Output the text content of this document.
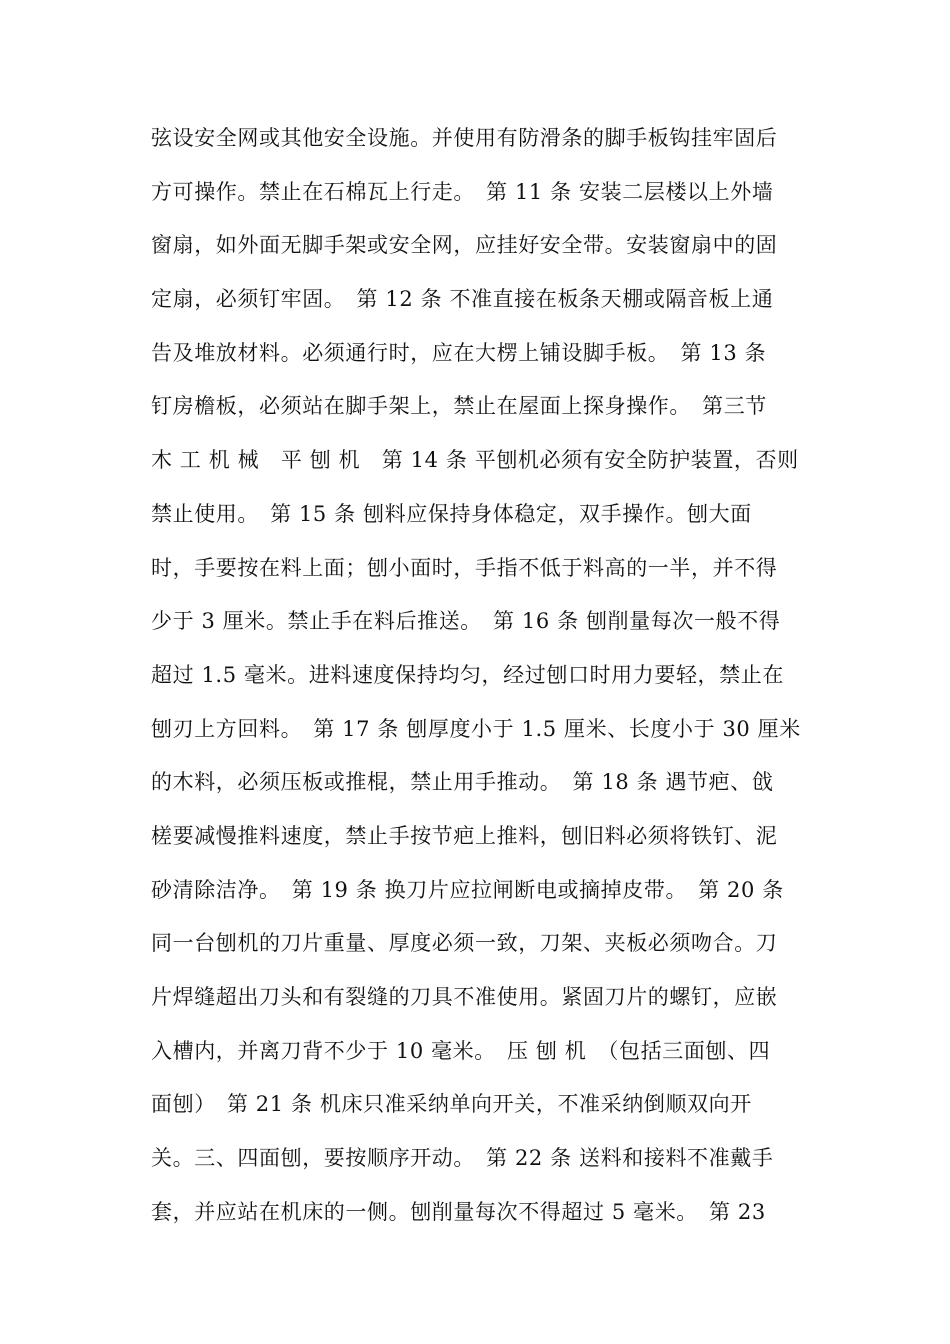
弦设安全网或其他安全设施。并使用有防滑条的脚手板钩挂牢固后
方可操作。禁止在石棉瓦上行走。　第 11 条 安装二层楼以上外墙
窗扇，如外面无脚手架或安全网，应挂好安全带。安装窗扇中的固
定扇，必须钉牢固。　第 12 条 不准直接在板条天棚或隔音板上通
告及堆放材料。必须通行时，应在大楞上铺设脚手板。　第 13 条
钉房檐板，必须站在脚手架上，禁止在屋面上探身操作。　第三节
木 工 机 械　平 刨 机　第 14 条 平刨机必须有安全防护装置，否则
禁止使用。　第 15 条 刨料应保持身体稳定，双手操作。刨大面
时，手要按在料上面；刨小面时，手指不低于料高的一半，并不得
少于 3 厘米。禁止手在料后推送。　第 16 条 刨削量每次一般不得
超过 1.5 毫米。进料速度保持均匀，经过刨口时用力要轻，禁止在
刨刃上方回料。　第 17 条 刨厚度小于 1.5 厘米、长度小于 30 厘米
的木料，必须压板或推棍，禁止用手推动。　第 18 条 遇节疤、戗
槎要减慢推料速度，禁止手按节疤上推料，刨旧料必须将铁钉、泥
砂清除洁净。　第 19 条 换刀片应拉闸断电或摘掉皮带。　第 20 条
同一台刨机的刀片重量、厚度必须一致，刀架、夹板必须吻合。刀
片焊缝超出刀头和有裂缝的刀具不准使用。紧固刀片的螺钉，应嵌
入槽内，并离刀背不少于 10 毫米。　压 刨 机　（包括三面刨、四
面刨）　第 21 条 机床只准采纳单向开关，不准采纳倒顺双向开
关。三、四面刨，要按顺序开动。　第 22 条 送料和接料不准戴手
套，并应站在机床的一侧。刨削量每次不得超过 5 毫米。　第 23
